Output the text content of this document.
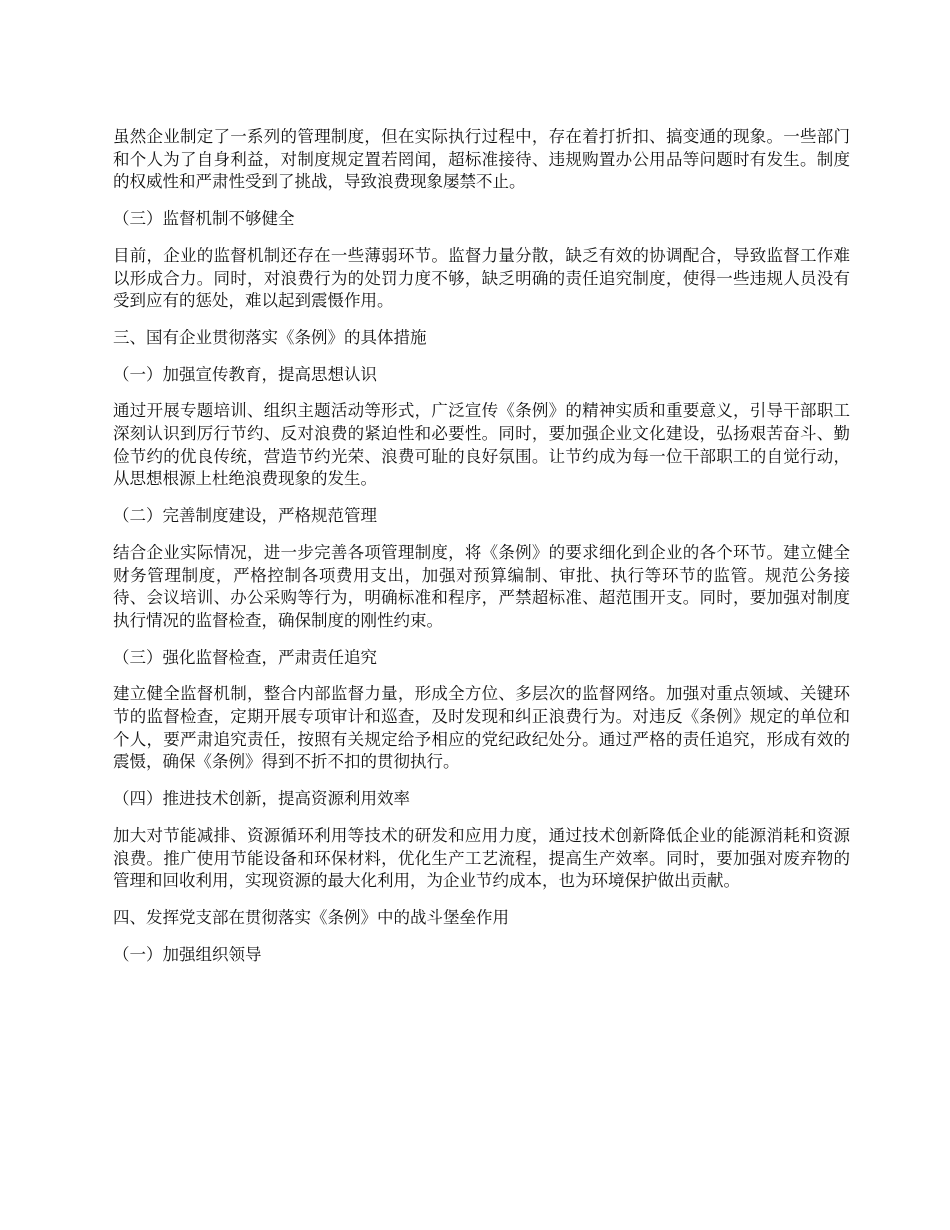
虽然企业制定了一系列的管理制度，但在实际执行过程中，存在着打折扣、搞变通的现象。一些部门和个人为了自身利益，对制度规定置若罔闻，超标准接待、违规购置办公用品等问题时有发生。制度的权威性和严肃性受到了挑战，导致浪费现象屡禁不止。

（三）监督机制不够健全

目前，企业的监督机制还存在一些薄弱环节。监督力量分散，缺乏有效的协调配合，导致监督工作难以形成合力。同时，对浪费行为的处罚力度不够，缺乏明确的责任追究制度，使得一些违规人员没有受到应有的惩处，难以起到震慑作用。

三、国有企业贯彻落实《条例》的具体措施

（一）加强宣传教育，提高思想认识

通过开展专题培训、组织主题活动等形式，广泛宣传《条例》的精神实质和重要意义，引导干部职工深刻认识到厉行节约、反对浪费的紧迫性和必要性。同时，要加强企业文化建设，弘扬艰苦奋斗、勤俭节约的优良传统，营造节约光荣、浪费可耻的良好氛围。让节约成为每一位干部职工的自觉行动，从思想根源上杜绝浪费现象的发生。

（二）完善制度建设，严格规范管理

结合企业实际情况，进一步完善各项管理制度，将《条例》的要求细化到企业的各个环节。建立健全财务管理制度，严格控制各项费用支出，加强对预算编制、审批、执行等环节的监管。规范公务接待、会议培训、办公采购等行为，明确标准和程序，严禁超标准、超范围开支。同时，要加强对制度执行情况的监督检查，确保制度的刚性约束。

（三）强化监督检查，严肃责任追究

建立健全监督机制，整合内部监督力量，形成全方位、多层次的监督网络。加强对重点领域、关键环节的监督检查，定期开展专项审计和巡查，及时发现和纠正浪费行为。对违反《条例》规定的单位和个人，要严肃追究责任，按照有关规定给予相应的党纪政纪处分。通过严格的责任追究，形成有效的震慑，确保《条例》得到不折不扣的贯彻执行。

（四）推进技术创新，提高资源利用效率

加大对节能减排、资源循环利用等技术的研发和应用力度，通过技术创新降低企业的能源消耗和资源浪费。推广使用节能设备和环保材料，优化生产工艺流程，提高生产效率。同时，要加强对废弃物的管理和回收利用，实现资源的最大化利用，为企业节约成本，也为环境保护做出贡献。

四、发挥党支部在贯彻落实《条例》中的战斗堡垒作用

（一）加强组织领导
